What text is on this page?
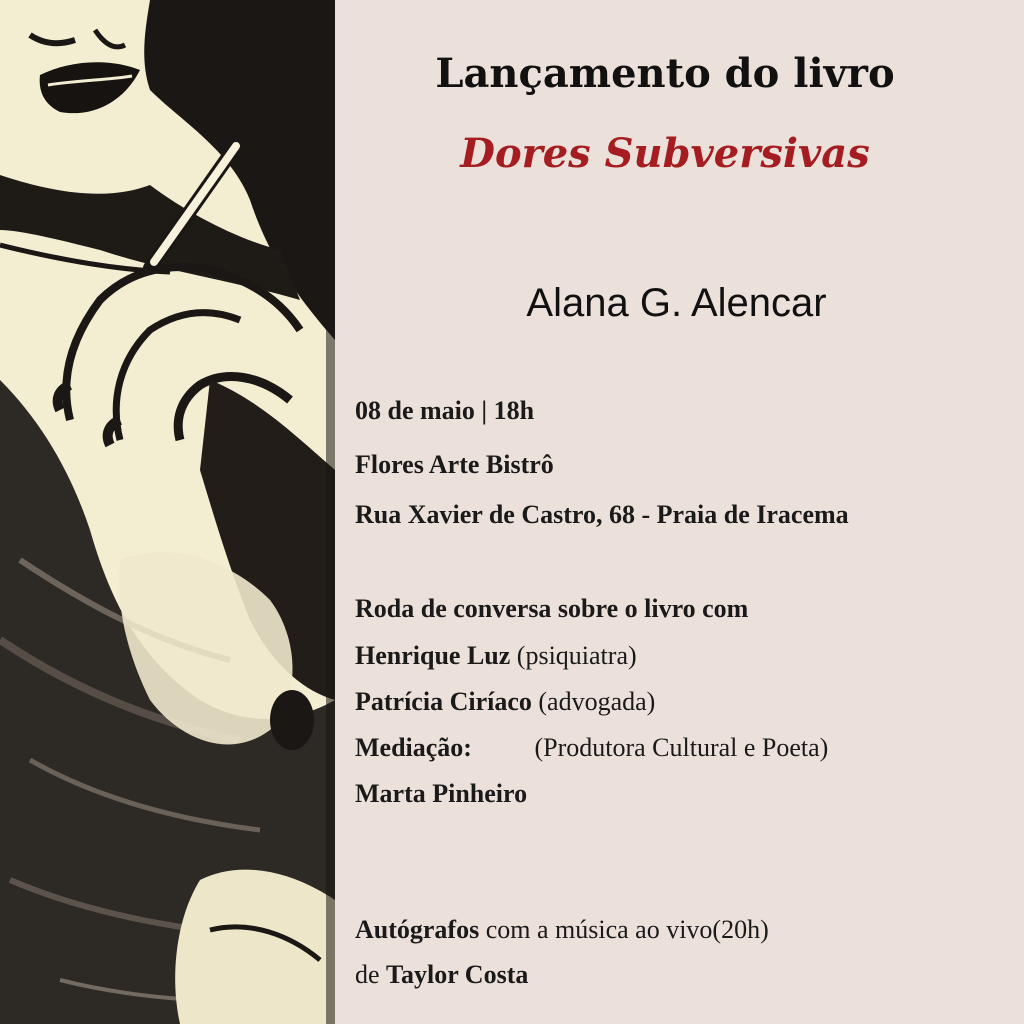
Lançamento do livro
Dores Subversivas

Alana G. Alencar

08 de maio | 18h

Flores Arte Bistrô

Rua Xavier de Castro, 68 - Praia de Iracema

Roda de conversa sobre o livro com

Henrique Luz (psiquiatra)

Patrícia Ciríaco (advogada)

Mediação: (Produtora Cultural e Poeta)

Marta Pinheiro

Autógrafos com a música ao vivo(20h)

de Taylor Costa
